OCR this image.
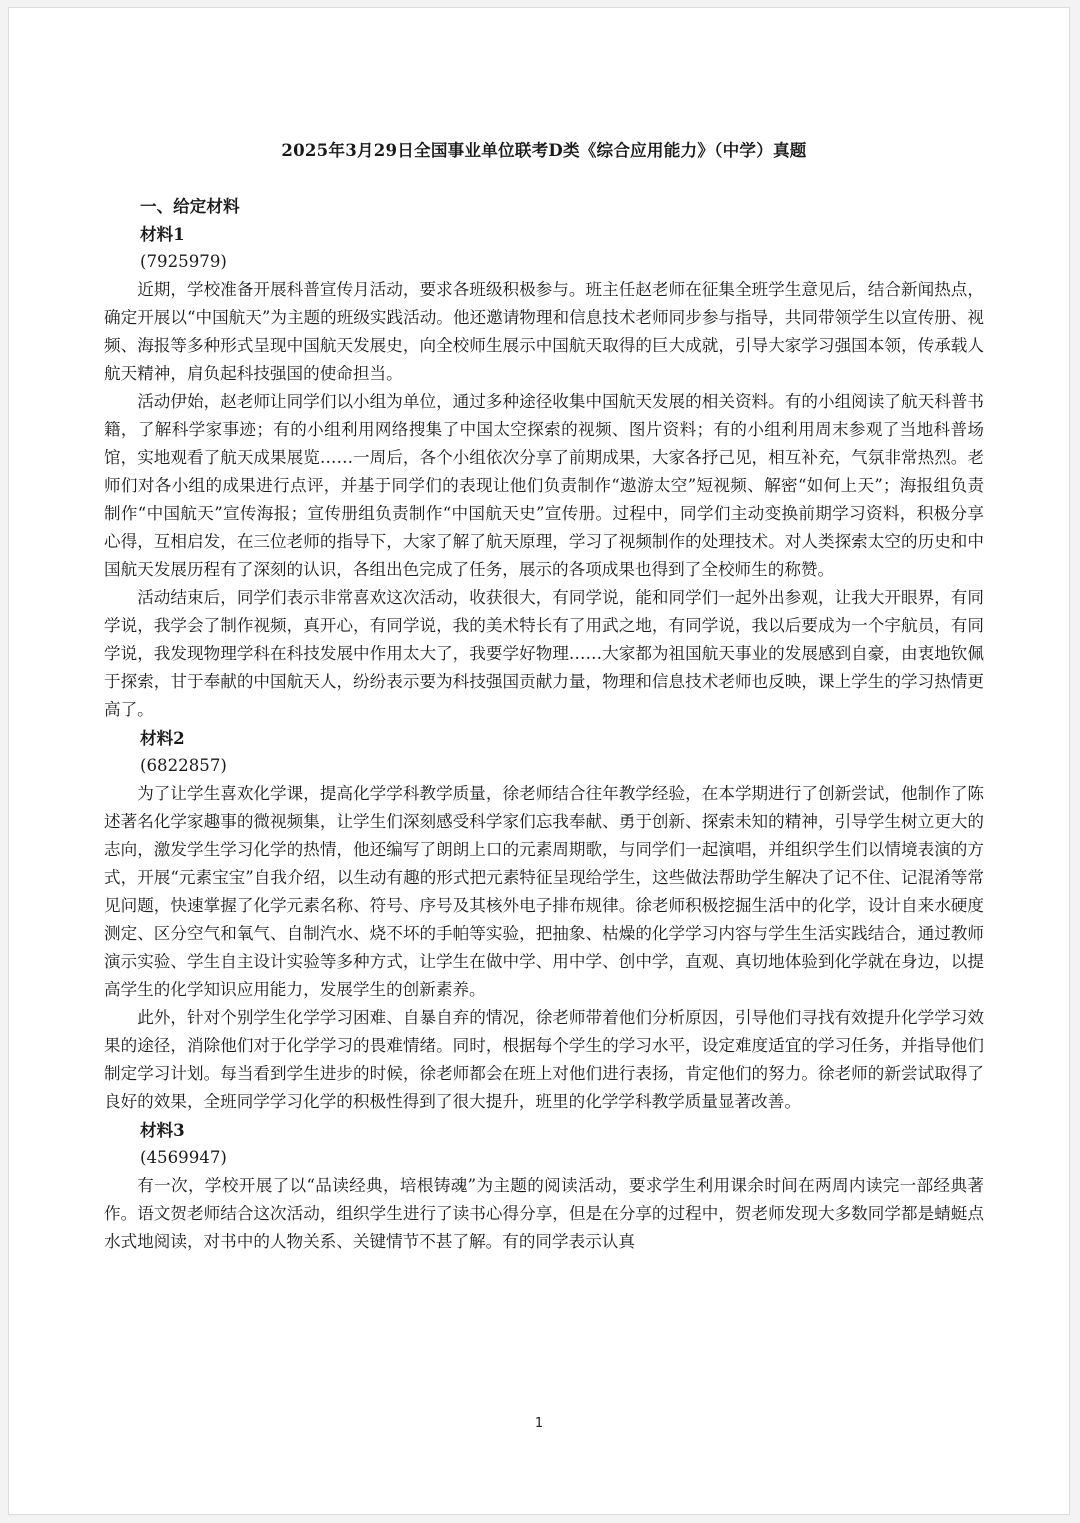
2025年3月29日全国事业单位联考D类《综合应用能力》（中学）真题

一、给定材料

材料1

(7925979)

近期，学校准备开展科普宣传月活动，要求各班级积极参与。班主任赵老师在征集全班学生意见后，结合新闻热点，确定开展以“中国航天”为主题的班级实践活动。他还邀请物理和信息技术老师同步参与指导，共同带领学生以宣传册、视频、海报等多种形式呈现中国航天发展史，向全校师生展示中国航天取得的巨大成就，引导大家学习强国本领，传承载人航天精神，肩负起科技强国的使命担当。

活动伊始，赵老师让同学们以小组为单位，通过多种途径收集中国航天发展的相关资料。有的小组阅读了航天科普书籍，了解科学家事迹；有的小组利用网络搜集了中国太空探索的视频、图片资料；有的小组利用周末参观了当地科普场馆，实地观看了航天成果展览……一周后，各个小组依次分享了前期成果，大家各抒己见，相互补充，气氛非常热烈。老师们对各小组的成果进行点评，并基于同学们的表现让他们负责制作“遨游太空”短视频、解密“如何上天”；海报组负责制作“中国航天”宣传海报；宣传册组负责制作“中国航天史”宣传册。过程中，同学们主动变换前期学习资料，积极分享心得，互相启发，在三位老师的指导下，大家了解了航天原理，学习了视频制作的处理技术。对人类探索太空的历史和中国航天发展历程有了深刻的认识，各组出色完成了任务，展示的各项成果也得到了全校师生的称赞。

活动结束后，同学们表示非常喜欢这次活动，收获很大，有同学说，能和同学们一起外出参观，让我大开眼界，有同学说，我学会了制作视频，真开心，有同学说，我的美术特长有了用武之地，有同学说，我以后要成为一个宇航员，有同学说，我发现物理学科在科技发展中作用太大了，我要学好物理……大家都为祖国航天事业的发展感到自豪，由衷地钦佩于探索，甘于奉献的中国航天人，纷纷表示要为科技强国贡献力量，物理和信息技术老师也反映，课上学生的学习热情更高了。

材料2

(6822857)

为了让学生喜欢化学课，提高化学学科教学质量，徐老师结合往年教学经验，在本学期进行了创新尝试，他制作了陈述著名化学家趣事的微视频集，让学生们深刻感受科学家们忘我奉献、勇于创新、探索未知的精神，引导学生树立更大的志向，激发学生学习化学的热情，他还编写了朗朗上口的元素周期歌，与同学们一起演唱，并组织学生们以情境表演的方式，开展“元素宝宝”自我介绍，以生动有趣的形式把元素特征呈现给学生，这些做法帮助学生解决了记不住、记混淆等常见问题，快速掌握了化学元素名称、符号、序号及其核外电子排布规律。徐老师积极挖掘生活中的化学，设计自来水硬度测定、区分空气和氧气、自制汽水、烧不坏的手帕等实验，把抽象、枯燥的化学学习内容与学生生活实践结合，通过教师演示实验、学生自主设计实验等多种方式，让学生在做中学、用中学、创中学，直观、真切地体验到化学就在身边，以提高学生的化学知识应用能力，发展学生的创新素养。

此外，针对个别学生化学学习困难、自暴自弃的情况，徐老师带着他们分析原因，引导他们寻找有效提升化学学习效果的途径，消除他们对于化学学习的畏难情绪。同时，根据每个学生的学习水平，设定难度适宜的学习任务，并指导他们制定学习计划。每当看到学生进步的时候，徐老师都会在班上对他们进行表扬，肯定他们的努力。徐老师的新尝试取得了良好的效果，全班同学学习化学的积极性得到了很大提升，班里的化学学科教学质量显著改善。

材料3

(4569947)

有一次，学校开展了以“品读经典，培根铸魂”为主题的阅读活动，要求学生利用课余时间在两周内读完一部经典著作。语文贺老师结合这次活动，组织学生进行了读书心得分享，但是在分享的过程中，贺老师发现大多数同学都是蜻蜓点水式地阅读，对书中的人物关系、关键情节不甚了解。有的同学表示认真

1
